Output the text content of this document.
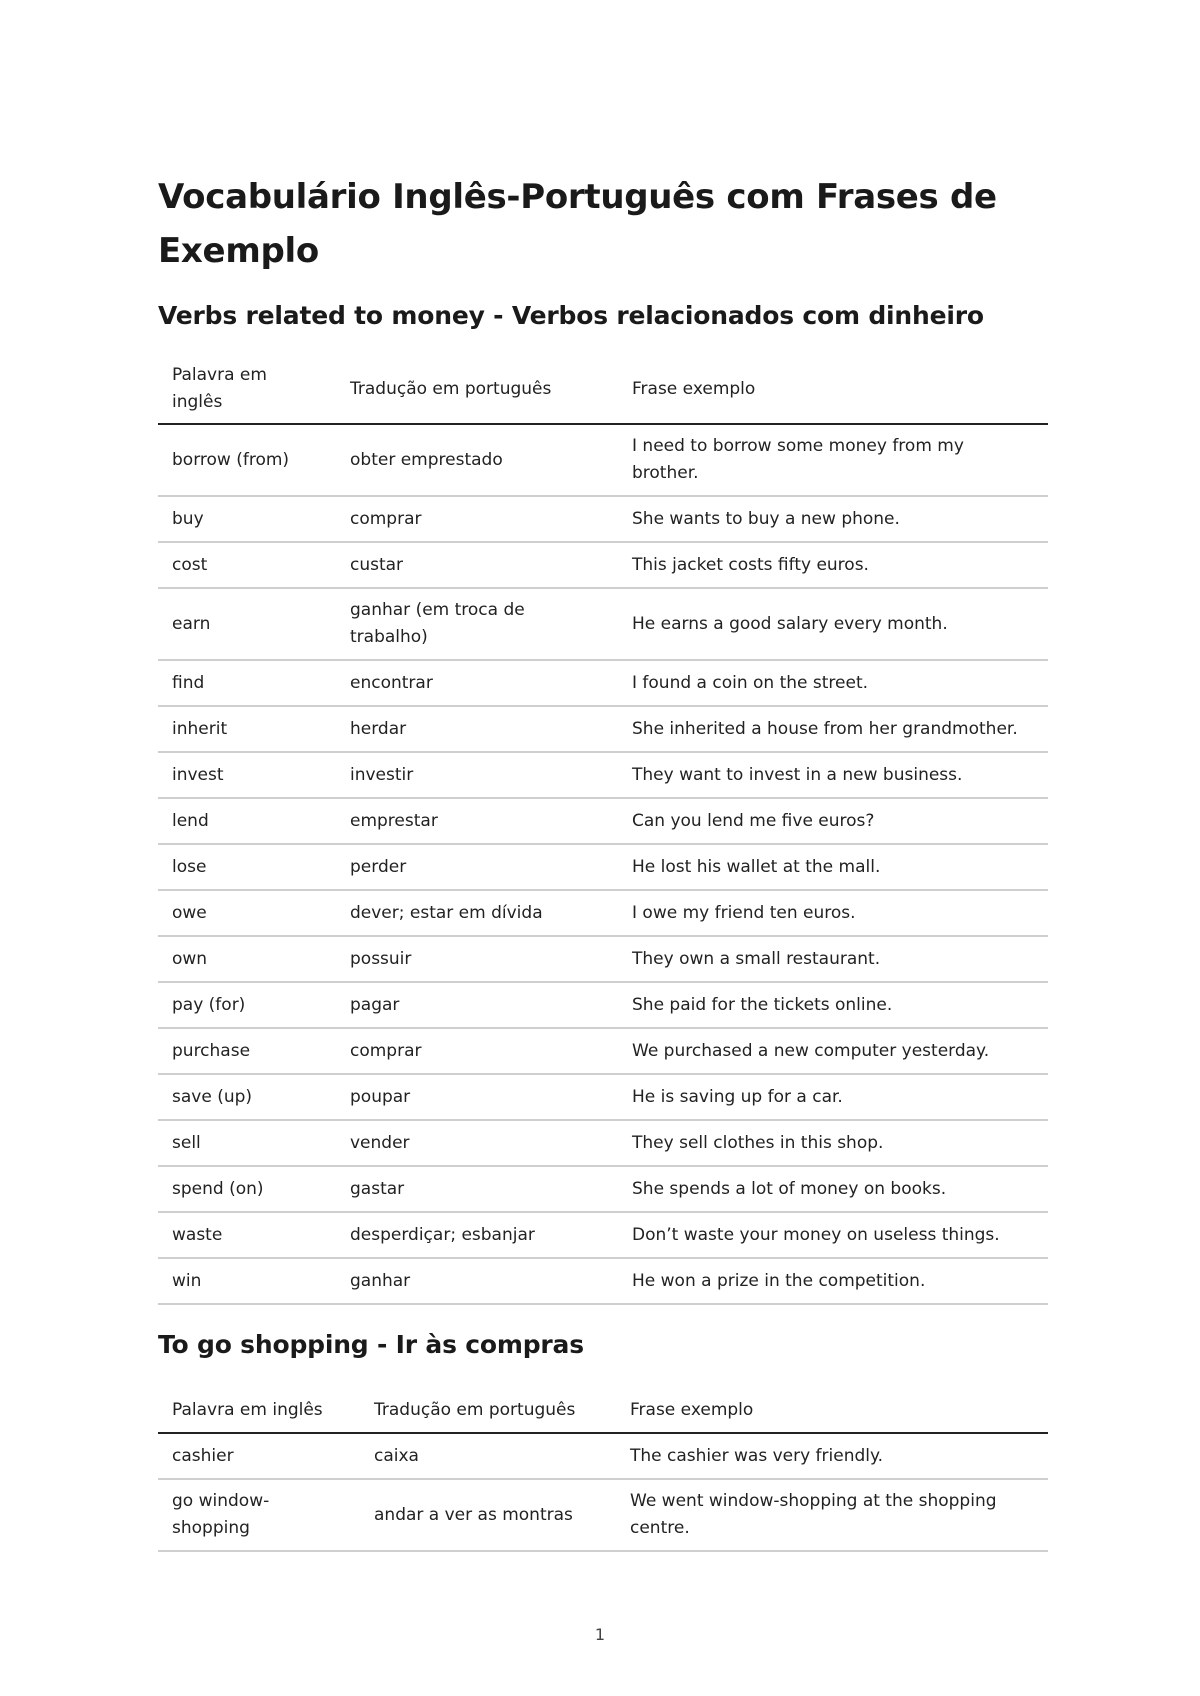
Vocabulário Inglês-Português com Frases de Exemplo
Verbs related to money - Verbos relacionados com dinheiro
Palavra em inglês	Tradução em português	Frase exemplo
borrow (from)	obter emprestado	I need to borrow some money from my brother.
buy	comprar	She wants to buy a new phone.
cost	custar	This jacket costs fifty euros.
earn	ganhar (em troca de trabalho)	He earns a good salary every month.
find	encontrar	I found a coin on the street.
inherit	herdar	She inherited a house from her grandmother.
invest	investir	They want to invest in a new business.
lend	emprestar	Can you lend me five euros?
lose	perder	He lost his wallet at the mall.
owe	dever; estar em dívida	I owe my friend ten euros.
own	possuir	They own a small restaurant.
pay (for)	pagar	She paid for the tickets online.
purchase	comprar	We purchased a new computer yesterday.
save (up)	poupar	He is saving up for a car.
sell	vender	They sell clothes in this shop.
spend (on)	gastar	She spends a lot of money on books.
waste	desperdiçar; esbanjar	Don’t waste your money on useless things.
win	ganhar	He won a prize in the competition.
To go shopping - Ir às compras
Palavra em inglês	Tradução em português	Frase exemplo
cashier	caixa	The cashier was very friendly.
go window-shopping	andar a ver as montras	We went window-shopping at the shopping centre.
1
